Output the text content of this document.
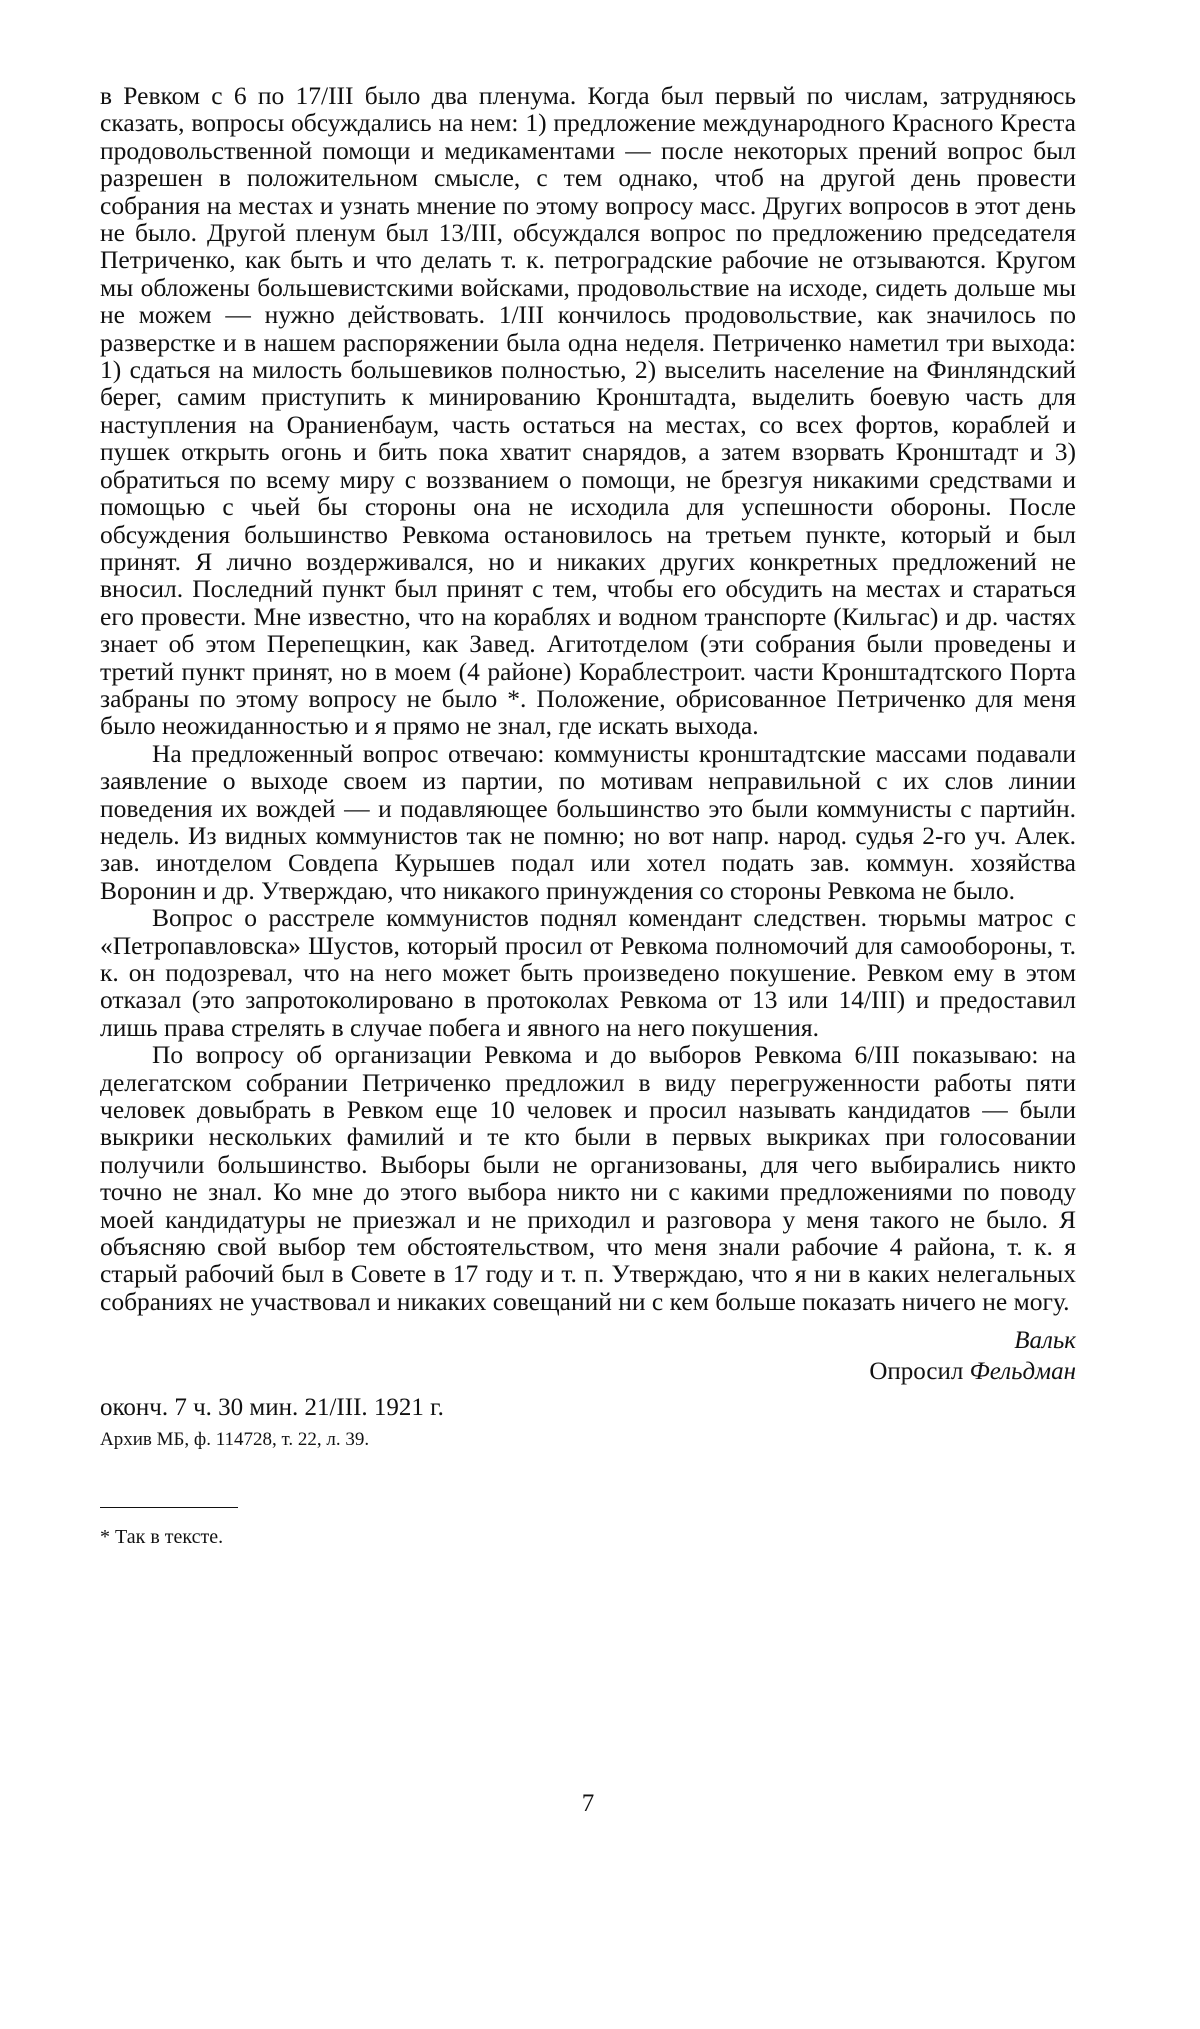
в Ревком с 6 по 17/III было два пленума. Когда был первый по числам, затрудняюсь сказать, вопросы обсуждались на нем: 1) предложение международного Красного Креста продовольственной помощи и медикаментами — после некоторых прений вопрос был разрешен в положительном смысле, с тем однако, чтоб на другой день провести собрания на местах и узнать мнение по этому вопросу масс. Других вопросов в этот день не было. Другой пленум был 13/III, обсуждался вопрос по предложению председателя Петриченко, как быть и что делать т. к. петроградские рабочие не отзываются. Кругом мы обложены большевистскими войсками, продовольствие на исходе, сидеть дольше мы не можем — нужно действовать. 1/III кончилось продовольствие, как значилось по разверстке и в нашем распоряжении была одна неделя. Петриченко наметил три выхода: 1) сдаться на милость большевиков полностью, 2) выселить население на Финляндский берег, самим приступить к минированию Кронштадта, выделить боевую часть для наступления на Ораниенбаум, часть остаться на местах, со всех фортов, кораблей и пушек открыть огонь и бить пока хватит снарядов, а затем взорвать Кронштадт и 3) обратиться по всему миру с воззванием о помощи, не брезгуя никакими средствами и помощью с чьей бы стороны она не исходила для успешности обороны. После обсуждения большинство Ревкома остановилось на третьем пункте, который и был принят. Я лично воздерживался, но и никаких других конкретных предложений не вносил. Последний пункт был принят с тем, чтобы его обсудить на местах и стараться его провести. Мне известно, что на кораблях и водном транспорте (Кильгас) и др. частях знает об этом Перепещкин, как Завед. Агитотделом (эти собрания были проведены и третий пункт принят, но в моем (4 районе) Кораблестроит. части Кронштадтского Порта забраны по этому вопросу не было *. Положение, обрисованное Петриченко для меня было неожиданностью и я прямо не знал, где искать выхода.

На предложенный вопрос отвечаю: коммунисты кронштадтские массами подавали заявление о выходе своем из партии, по мотивам неправильной с их слов линии поведения их вождей — и подавляющее большинство это были коммунисты с партийн. недель. Из видных коммунистов так не помню; но вот напр. народ. судья 2-го уч. Алек. зав. инотделом Совдепа Курышев подал или хотел подать зав. коммун. хозяйства Воронин и др. Утверждаю, что никакого принуждения со стороны Ревкома не было.

Вопрос о расстреле коммунистов поднял комендант следствен. тюрьмы матрос с «Петропавловска» Шустов, который просил от Ревкома полномочий для самообороны, т. к. он подозревал, что на него может быть произведено покушение. Ревком ему в этом отказал (это запротоколировано в протоколах Ревкома от 13 или 14/III) и предоставил лишь права стрелять в случае побега и явного на него покушения.

По вопросу об организации Ревкома и до выборов Ревкома 6/III показываю: на делегатском собрании Петриченко предложил в виду перегруженности работы пяти человек довыбрать в Ревком еще 10 человек и просил называть кандидатов — были выкрики нескольких фамилий и те кто были в первых выкриках при голосовании получили большинство. Выборы были не организованы, для чего выбирались никто точно не знал. Ко мне до этого выбора никто ни с какими предложениями по поводу моей кандидатуры не приезжал и не приходил и разговора у меня такого не было. Я объясняю свой выбор тем обстоятельством, что меня знали рабочие 4 района, т. к. я старый рабочий был в Совете в 17 году и т. п. Утверждаю, что я ни в каких нелегальных собраниях не участвовал и никаких совещаний ни с кем больше показать ничего не могу.

Вальк
Опросил Фельдман
оконч. 7 ч. 30 мин. 21/III. 1921 г.
Архив МБ, ф. 114728, т. 22, л. 39.
* Так в тексте.
7
